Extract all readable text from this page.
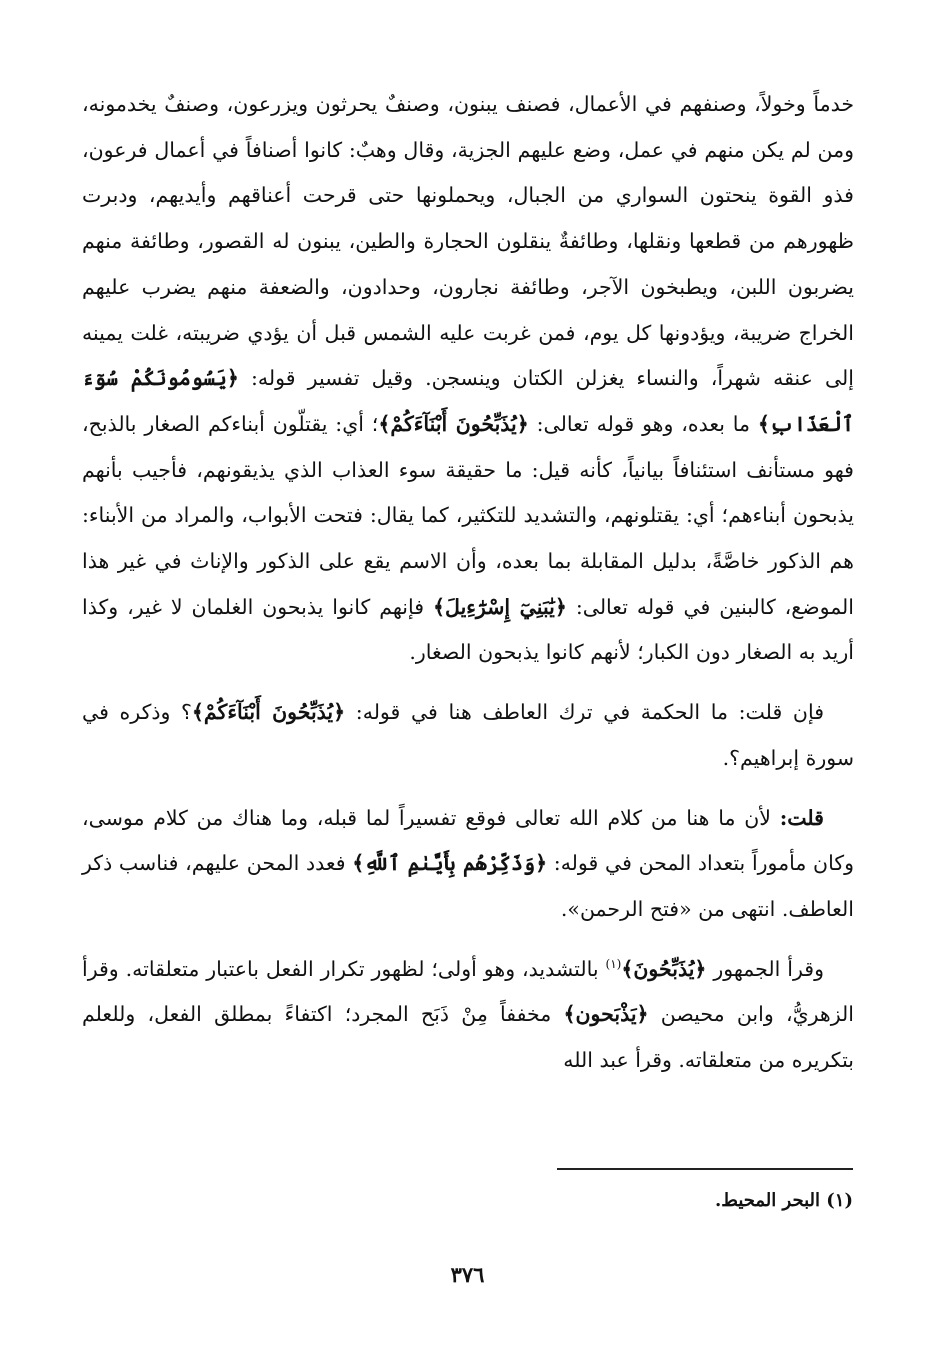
خدماً وخولاً، وصنفهم في الأعمال، فصنف يبنون، وصنفٌ يحرثون ويزرعون، وصنفٌ يخدمونه، ومن لم يكن منهم في عمل، وضع عليهم الجزية، وقال وهبٌ: كانوا أصنافاً في أعمال فرعون، فذو القوة ينحتون السواري من الجبال، ويحملونها حتى قرحت أعناقهم وأيديهم، ودبرت ظهورهم من قطعها ونقلها، وطائفةٌ ينقلون الحجارة والطين، يبنون له القصور، وطائفة منهم يضربون اللبن، ويطبخون الآجر، وطائفة نجارون، وحدادون، والضعفة منهم يضرب عليهم الخراج ضريبة، ويؤدونها كل يوم، فمن غربت عليه الشمس قبل أن يؤدي ضريبته، غلت يمينه إلى عنقه شهراً، والنساء يغزلن الكتان وينسجن. وقيل تفسير قوله: ﴿يَسُومُونَكُمْ سُوٓءَ ٱلْعَذَابِ﴾ ما بعده، وهو قوله تعالى: ﴿يُذَبِّحُونَ أَبْنَآءَكُمْ﴾؛ أي: يقتلّون أبناءكم الصغار بالذبح، فهو مستأنف استئنافاً بيانياً، كأنه قيل: ما حقيقة سوء العذاب الذي يذيقونهم، فأجيب بأنهم يذبحون أبناءهم؛ أي: يقتلونهم، والتشديد للتكثير، كما يقال: فتحت الأبواب، والمراد من الأبناء: هم الذكور خاصَّةً، بدليل المقابلة بما بعده، وأن الاسم يقع على الذكور والإناث في غير هذا الموضع، كالبنين في قوله تعالى: ﴿يَٰبَنِيٓ إِسْرَٰٓءِيلَ﴾ فإنهم كانوا يذبحون الغلمان لا غير، وكذا أريد به الصغار دون الكبار؛ لأنهم كانوا يذبحون الصغار.

فإن قلت: ما الحكمة في ترك العاطف هنا في قوله: ﴿يُذَبِّحُونَ أَبْنَآءَكُمْ﴾؟ وذكره في سورة إبراهيم؟.

قلت: لأن ما هنا من كلام الله تعالى فوقع تفسيراً لما قبله، وما هناك من كلام موسى، وكان مأموراً بتعداد المحن في قوله: ﴿وَذَكِّرْهُم بِأَيَّىٰمِ ٱللَّهِ﴾ فعدد المحن عليهم، فناسب ذكر العاطف. انتهى من «فتح الرحمن».

وقرأ الجمهور ﴿يُذَبِّحُونَ﴾$^{(١)}$ بالتشديد، وهو أولى؛ لظهور تكرار الفعل باعتبار متعلقاته. وقرأ الزهريُّ، وابن محيصن ﴿يَذْبَحون﴾ مخففاً مِنْ ذَبَح المجرد؛ اكتفاءً بمطلق الفعل، وللعلم بتكريره من متعلقاته. وقرأ عبد الله

(١) البحر المحيط.
٣٧٦
